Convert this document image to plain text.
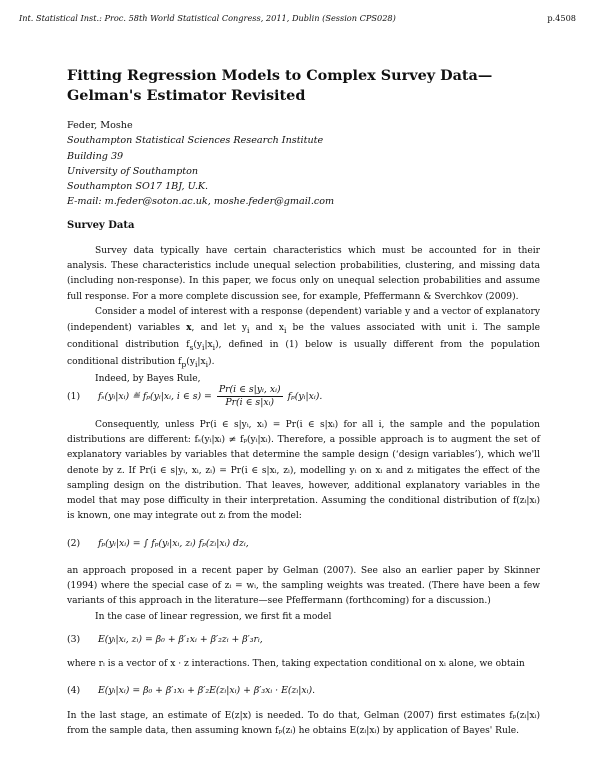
Int. Statistical Inst.: Proc. 58th World Statistical Congress, 2011, Dublin (Session CPS028)	p.4508
Fitting Regression Models to Complex Survey Data—Gelman's Estimator Revisited
Feder, Moshe
Southampton Statistical Sciences Research Institute
Building 39
University of Southampton
Southampton SO17 1BJ, U.K.
E-mail: m.feder@soton.ac.uk, moshe.feder@gmail.com
Survey Data

Survey data typically have certain characteristics which must be accounted for in their analysis. These characteristics include unequal selection probabilities, clustering, and missing data (including non-response). In this paper, we focus only on unequal selection probabilities and assume full response. For a more complete discussion see, for example, Pfeffermann & Sverchkov (2009).

Consider a model of interest with a response (dependent) variable y and a vector of explanatory (independent) variables x, and let $y_i$ and $x_i$ be the values associated with unit i. The sample conditional distribution $f_s(y_i|x_i)$, defined in (1) below is usually different from the population conditional distribution $f_p(y_i|x_i)$.

Indeed, by Bayes Rule,

(1) fₛ(yᵢ|xᵢ) ≝ fₚ(yᵢ|xᵢ, i ∈ $s) = \frac{\text{Pr(i ∈ s|yᵢ, xᵢ)}}{\text{Pr(i ∈ s|xᵢ)}}$ fₚ(yᵢ|xᵢ).

Consequently, unless Pr(i ∈ s|yᵢ, xᵢ) = Pr(i ∈ s|xᵢ) for all i, the sample and the population distributions are different: fₛ(yᵢ|xᵢ) ≠ fₚ(yᵢ|xᵢ). Therefore, a possible approach is to augment the set of explanatory variables by variables that determine the sample design (‘design variables’), which we'll denote by z. If Pr(i ∈ s|yᵢ, xᵢ, zᵢ) = Pr(i ∈ s|xᵢ, zᵢ), modelling yᵢ on xᵢ and zᵢ mitigates the effect of the sampling design on the distribution. That leaves, however, additional explanatory variables in the model that may pose difficulty in their interpretation. Assuming the conditional distribution of f(zᵢ|xᵢ) is known, one may integrate out zᵢ from the model:

(2) fₚ(yᵢ|xᵢ) = ∫ fₚ(yᵢ|xᵢ, zᵢ) fₚ(zᵢ|xᵢ) dzᵢ,

an approach proposed in a recent paper by Gelman (2007). See also an earlier paper by Skinner (1994) where the special case of zᵢ = wᵢ, the sampling weights was treated. (There have been a few variants of this approach in the literature—see Pfeffermann (forthcoming) for a discussion.)

In the case of linear regression, we first fit a model

(3) E(yᵢ|xᵢ, zᵢ) = β₀ + β′₁xᵢ + β′₂zᵢ + β′₃rᵢ,

where rᵢ is a vector of x · z interactions. Then, taking expectation conditional on xᵢ alone, we obtain

(4) E(yᵢ|xᵢ) = β₀ + β′₁xᵢ + β′₂E(zᵢ|xᵢ) + β′₃xᵢ · E(zᵢ|xᵢ).

In the last stage, an estimate of E(z|x) is needed. To do that, Gelman (2007) first estimates fₚ(zᵢ|xᵢ) from the sample data, then assuming known fₚ(zᵢ) he obtains E(zᵢ|xᵢ) by application of Bayes' Rule.
